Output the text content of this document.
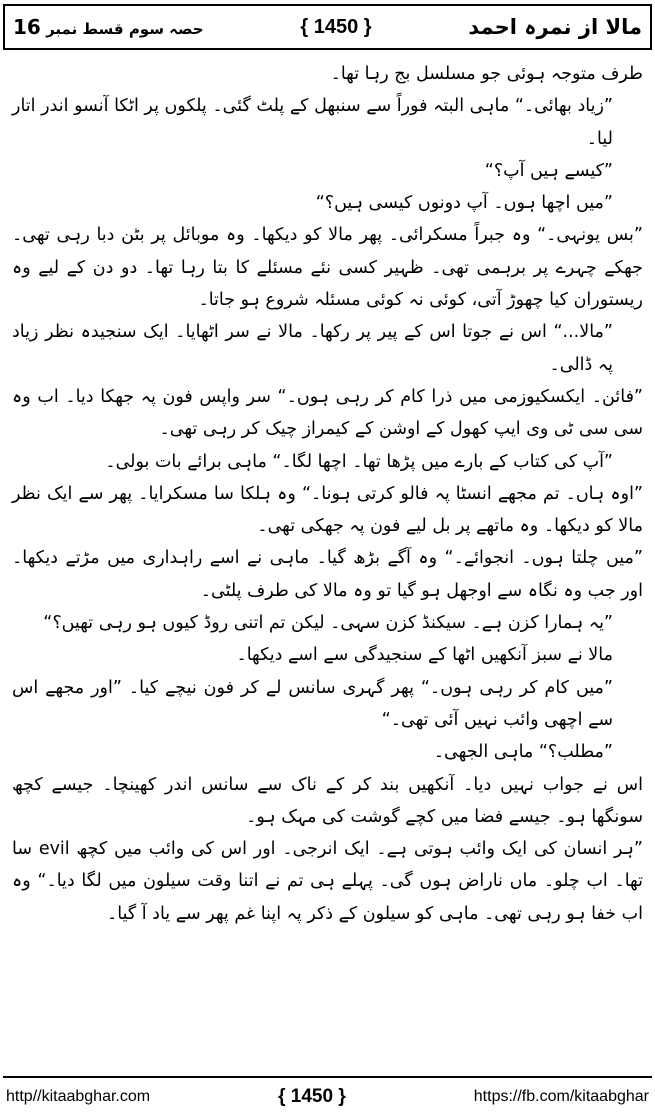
حصہ سوم قسط نمبر 16	{ 1450 }	مالا از نمرہ احمد

طرف متوجہ ہوئی جو مسلسل بج رہا تھا۔

”زیاد بھائی۔“ ماہی البتہ فوراً سے سنبھل کے پلٹ گئی۔ پلکوں پر اٹکا آنسو اندر اتار لیا۔

”کیسے ہیں آپ؟“

”میں اچھا ہوں۔ آپ دونوں کیسی ہیں؟“

”بس یونہی۔“ وہ جبراً مسکرائی۔ پھر مالا کو دیکھا۔ وہ موبائل پر بٹن دبا رہی تھی۔ جھکے چہرے پر برہمی تھی۔ ظہیر کسی نئے مسئلے کا بتا رہا تھا۔ دو دن کے لیے وہ ریستوران کیا چھوڑ آتی، کوئی نہ کوئی مسئلہ شروع ہو جاتا۔

”مالا...“ اس نے جوتا اس کے پیر پر رکھا۔ مالا نے سر اٹھایا۔ ایک سنجیدہ نظر زیاد پہ ڈالی۔

”فائن۔ ایکسکیوزمی میں ذرا کام کر رہی ہوں۔“ سر واپس فون پہ جھکا دیا۔ اب وہ سی سی ٹی وی ایپ کھول کے اوشن کے کیمراز چیک کر رہی تھی۔

”آپ کی کتاب کے بارے میں پڑھا تھا۔ اچھا لگا۔“ ماہی برائے بات بولی۔

”اوہ ہاں۔ تم مجھے انسٹا پہ فالو کرتی ہونا۔“ وہ ہلکا سا مسکرایا۔ پھر سے ایک نظر مالا کو دیکھا۔ وہ ماتھے پر بل لیے فون پہ جھکی تھی۔

”میں چلتا ہوں۔ انجوائے۔“ وہ آگے بڑھ گیا۔ ماہی نے اسے راہداری میں مڑتے دیکھا۔ اور جب وہ نگاہ سے اوجھل ہو گیا تو وہ مالا کی طرف پلٹی۔

”یہ ہمارا کزن ہے۔ سیکنڈ کزن سہی۔ لیکن تم اتنی روڈ کیوں ہو رہی تھیں؟“

مالا نے سبز آنکھیں اٹھا کے سنجیدگی سے اسے دیکھا۔

”میں کام کر رہی ہوں۔“ پھر گہری سانس لے کر فون نیچے کیا۔ ”اور مجھے اس سے اچھی وائب نہیں آئی تھی۔“

”مطلب؟“ ماہی الجھی۔

اس نے جواب نہیں دیا۔ آنکھیں بند کر کے ناک سے سانس اندر کھینچا۔ جیسے کچھ سونگھا ہو۔ جیسے فضا میں کچے گوشت کی مہک ہو۔

”ہر انسان کی ایک وائب ہوتی ہے۔ ایک انرجی۔ اور اس کی وائب میں کچھ evil سا تھا۔ اب چلو۔ ماں ناراض ہوں گی۔ پہلے ہی تم نے اتنا وقت سیلون میں لگا دیا۔“ وہ اب خفا ہو رہی تھی۔ ماہی کو سیلون کے ذکر پہ اپنا غم پھر سے یاد آ گیا۔

http//kitaabghar.com	{ 1450 }	https://fb.com/kitaabghar
